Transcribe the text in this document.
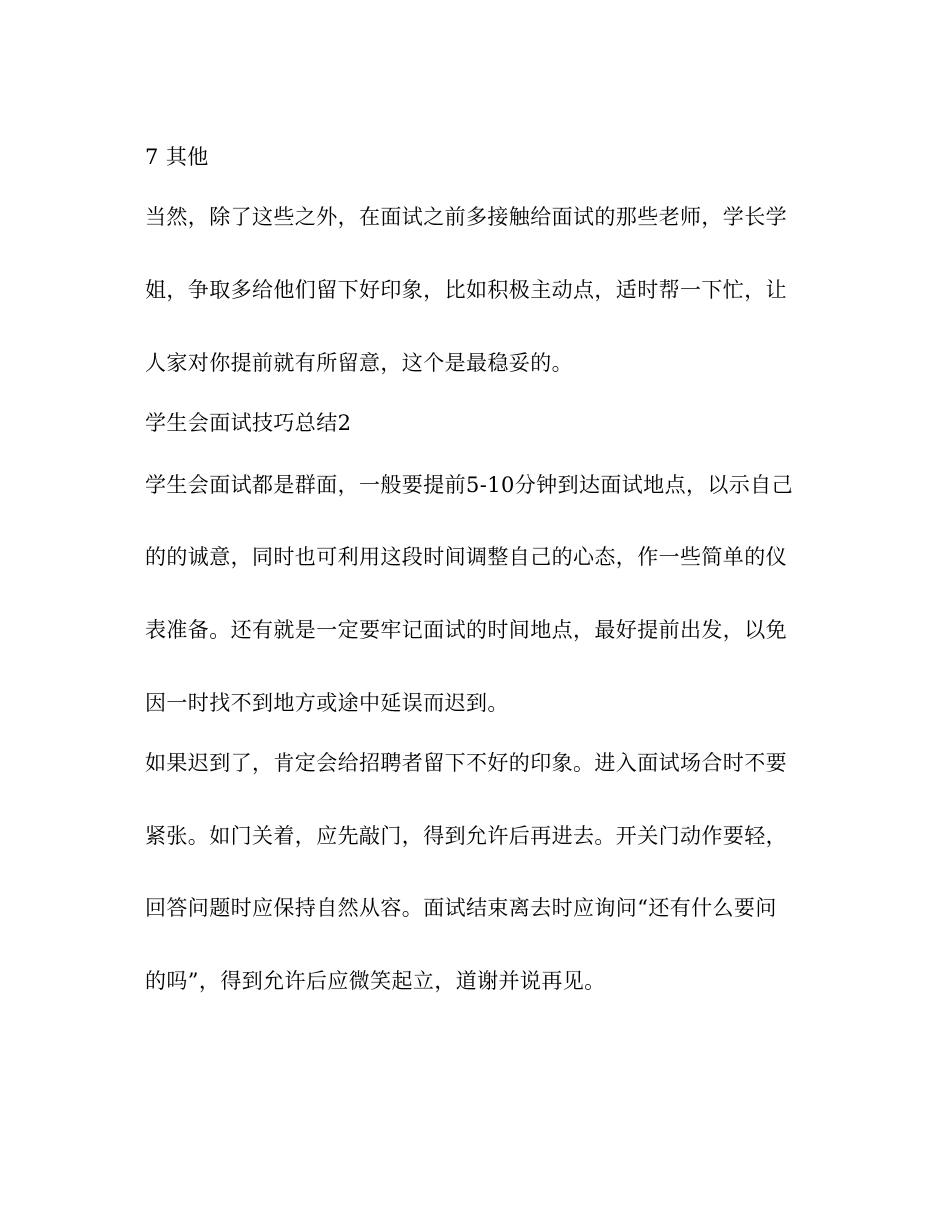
7 其他
当然，除了这些之外，在面试之前多接触给面试的那些老师，学长学
姐，争取多给他们留下好印象，比如积极主动点，适时帮一下忙，让
人家对你提前就有所留意，这个是最稳妥的。
学生会面试技巧总结2
学生会面试都是群面，一般要提前5-10分钟到达面试地点，以示自己
的的诚意，同时也可利用这段时间调整自己的心态，作一些简单的仪
表准备。还有就是一定要牢记面试的时间地点，最好提前出发，以免
因一时找不到地方或途中延误而迟到。
如果迟到了，肯定会给招聘者留下不好的印象。进入面试场合时不要
紧张。如门关着，应先敲门，得到允许后再进去。开关门动作要轻，
回答问题时应保持自然从容。面试结束离去时应询问“还有什么要问
的吗”，得到允许后应微笑起立，道谢并说再见。
